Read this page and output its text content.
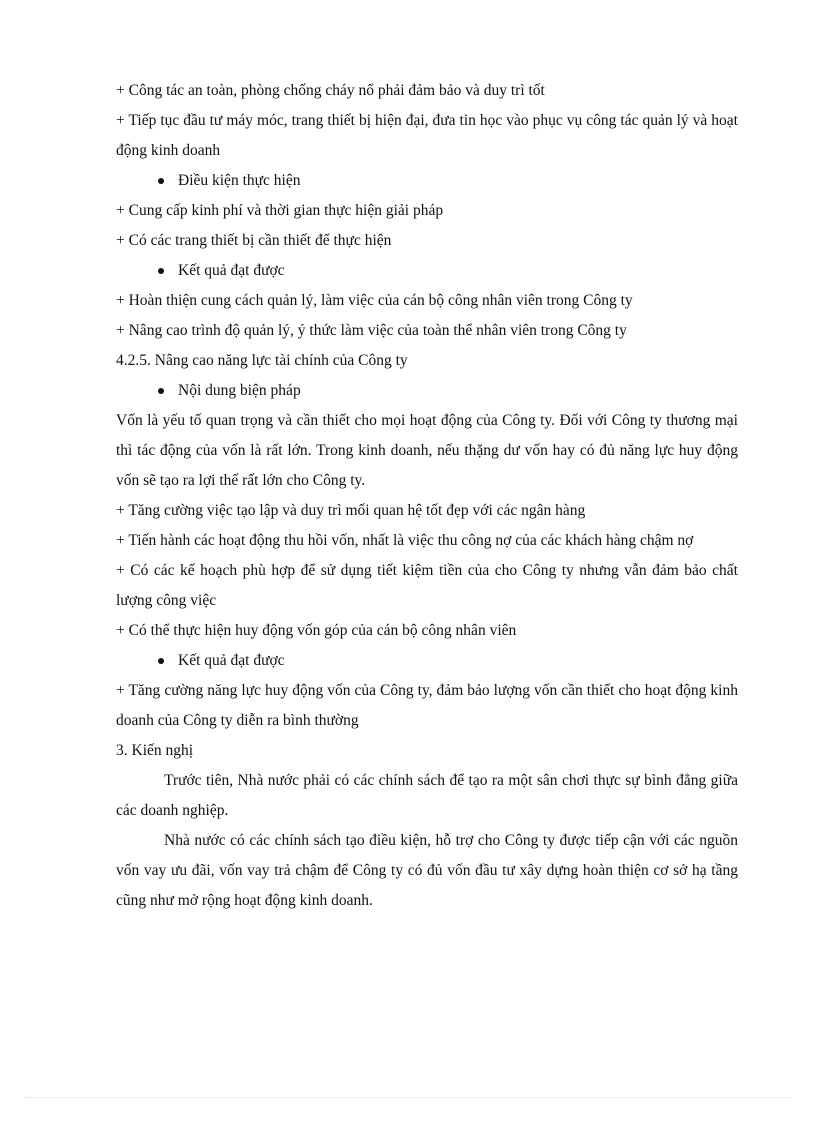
+ Công tác an toàn, phòng chống cháy nổ phải đảm bảo và duy trì tốt

+ Tiếp tục đầu tư máy móc, trang thiết bị hiện đại, đưa tin học vào phục vụ công tác quản lý và hoạt động kinh doanh

Điều kiện thực hiện

+ Cung cấp kinh phí và thời gian thực hiện giải pháp

+ Có các trang thiết bị cần thiết để thực hiện

Kết quả đạt được

+ Hoàn thiện cung cách quản lý, làm việc của cán bộ công nhân viên trong Công ty

+ Nâng cao trình độ quản lý, ý thức làm việc của toàn thể nhân viên trong Công ty

4.2.5. Nâng cao năng lực tài chính của Công ty

Nội dung biện pháp

Vốn là yếu tố quan trọng và cần thiết cho mọi hoạt động của Công ty. Đối với Công ty thương mại thì tác động của vốn là rất lớn. Trong kinh doanh, nếu thặng dư vốn hay có đủ năng lực huy động vốn sẽ tạo ra lợi thế rất lớn cho Công ty.

+ Tăng cường việc tạo lập và duy trì mối quan hệ tốt đẹp với các ngân hàng

+ Tiến hành các hoạt động thu hồi vốn, nhất là việc thu công nợ của các khách hàng chậm nợ

+ Có các kế hoạch phù hợp để sử dụng tiết kiệm tiền của cho Công ty nhưng vẫn đảm bảo chất lượng công việc

+ Có thể thực hiện huy động vốn góp của cán bộ công nhân viên

Kết quả đạt được

+ Tăng cường năng lực huy động vốn của Công ty, đảm bảo lượng vốn cần thiết cho hoạt động kinh doanh của Công ty diễn ra bình thường

3. Kiến nghị

Trước tiên, Nhà nước phải có các chính sách để tạo ra một sân chơi thực sự bình đẳng giữa các doanh nghiệp.

Nhà nước có các chính sách tạo điều kiện, hỗ trợ cho Công ty được tiếp cận với các nguồn vốn vay ưu đãi, vốn vay trả chậm để Công ty có đủ vốn đầu tư xây dựng hoàn thiện cơ sở hạ tầng cũng như mở rộng hoạt động kinh doanh.
